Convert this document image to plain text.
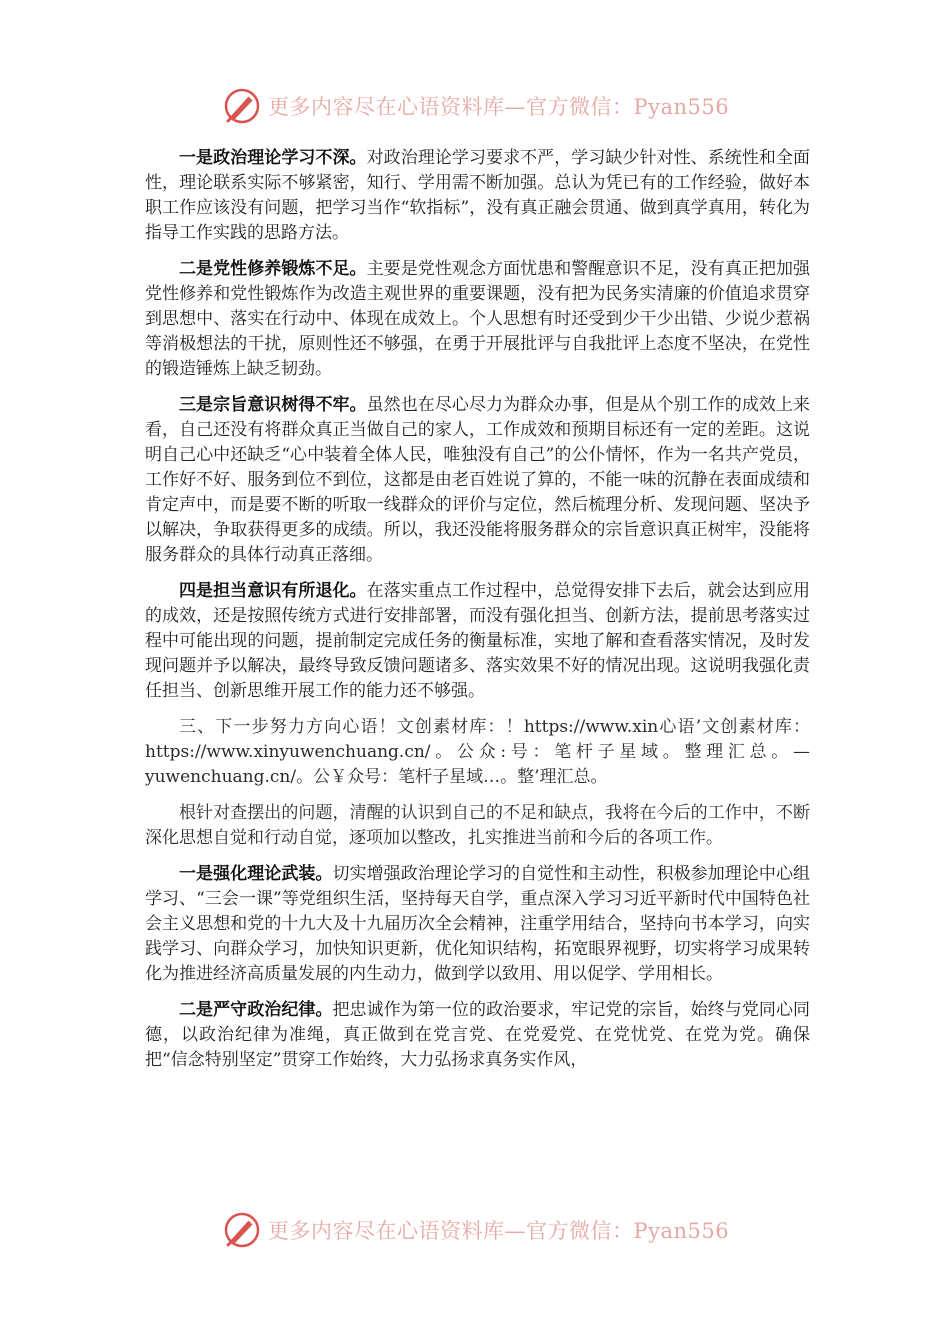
更多内容尽在心语资料库—官方微信：Pyan556

一是政治理论学习不深。对政治理论学习要求不严，学习缺少针对性、系统性和全面性，理论联系实际不够紧密，知行、学用需不断加强。总认为凭已有的工作经验，做好本职工作应该没有问题，把学习当作“软指标”，没有真正融会贯通、做到真学真用，转化为指导工作实践的思路方法。

二是党性修养锻炼不足。主要是党性观念方面忧患和警醒意识不足，没有真正把加强党性修养和党性锻炼作为改造主观世界的重要课题，没有把为民务实清廉的价值追求贯穿到思想中、落实在行动中、体现在成效上。个人思想有时还受到少干少出错、少说少惹祸等消极想法的干扰，原则性还不够强，在勇于开展批评与自我批评上态度不坚决，在党性的锻造锤炼上缺乏韧劲。

三是宗旨意识树得不牢。虽然也在尽心尽力为群众办事，但是从个别工作的成效上来看，自己还没有将群众真正当做自己的家人，工作成效和预期目标还有一定的差距。这说明自己心中还缺乏“心中装着全体人民，唯独没有自己”的公仆情怀，作为一名共产党员，工作好不好、服务到位不到位，这都是由老百姓说了算的，不能一味的沉静在表面成绩和肯定声中，而是要不断的听取一线群众的评价与定位，然后梳理分析、发现问题、坚决予以解决，争取获得更多的成绩。所以，我还没能将服务群众的宗旨意识真正树牢，没能将服务群众的具体行动真正落细。

四是担当意识有所退化。在落实重点工作过程中，总觉得安排下去后，就会达到应用的成效，还是按照传统方式进行安排部署，而没有强化担当、创新方法，提前思考落实过程中可能出现的问题，提前制定完成任务的衡量标准，实地了解和查看落实情况，及时发现问题并予以解决，最终导致反馈问题诸多、落实效果不好的情况出现。这说明我强化责任担当、创新思维开展工作的能力还不够强。

三、下一步努力方向心语！文创素材库：！https://www.xin心语’文创素材库：https://www.xinyuwenchuang.cn/。公众:号：笔杆子星域。整理汇总。—yuwenchuang.cn/。公￥众号：笔杆子星域…。整’理汇总。

根针对查摆出的问题，清醒的认识到自己的不足和缺点，我将在今后的工作中，不断深化思想自觉和行动自觉，逐项加以整改，扎实推进当前和今后的各项工作。

一是强化理论武装。切实增强政治理论学习的自觉性和主动性，积极参加理论中心组学习、“三会一课”等党组织生活，坚持每天自学，重点深入学习习近平新时代中国特色社会主义思想和党的十九大及十九届历次全会精神，注重学用结合，坚持向书本学习，向实践学习、向群众学习，加快知识更新，优化知识结构，拓宽眼界视野，切实将学习成果转化为推进经济高质量发展的内生动力，做到学以致用、用以促学、学用相长。

二是严守政治纪律。把忠诚作为第一位的政治要求，牢记党的宗旨，始终与党同心同德，以政治纪律为准绳，真正做到在党言党、在党爱党、在党忧党、在党为党。确保把“信念特别坚定”贯穿工作始终，大力弘扬求真务实作风，

更多内容尽在心语资料库—官方微信：Pyan556
